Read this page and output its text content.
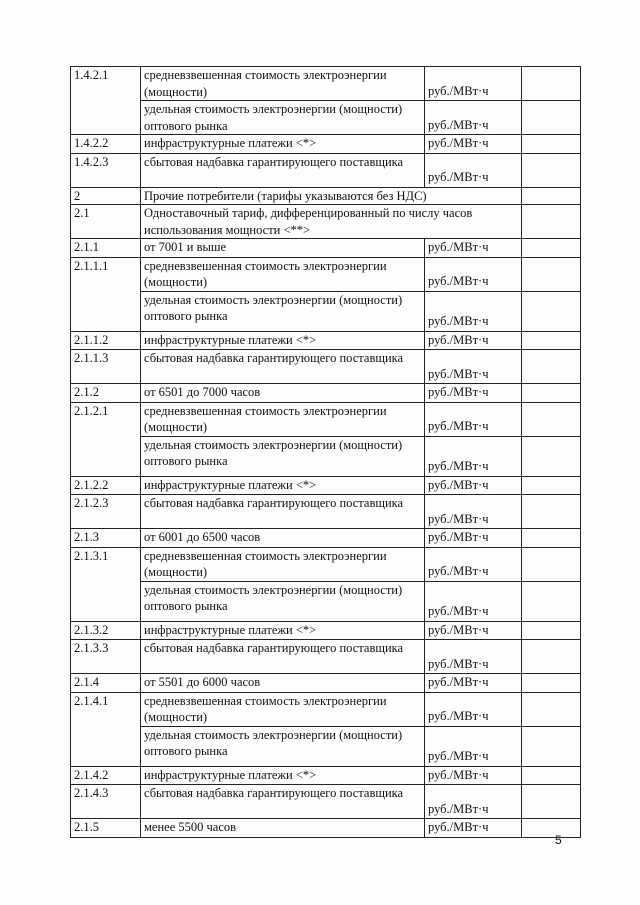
1.4.2.1	средневзвешенная стоимость электроэнергии (мощности)	руб./МВт·ч	
	удельная стоимость электроэнергии (мощности) оптового рынка	руб./МВт·ч	
1.4.2.2	инфраструктурные платежи <*>	руб./МВт·ч	
1.4.2.3	сбытовая надбавка гарантирующего поставщика	руб./МВт·ч	
2	Прочие потребители (тарифы указываются без НДС)		
2.1	Одноставочный тариф, дифференцированный по числу часов использования мощности <**>		
2.1.1	от 7001 и выше	руб./МВт·ч	
2.1.1.1	средневзвешенная стоимость электроэнергии (мощности)	руб./МВт·ч	
	удельная стоимость электроэнергии (мощности) оптового рынка	руб./МВт·ч	
2.1.1.2	инфраструктурные платежи <*>	руб./МВт·ч	
2.1.1.3	сбытовая надбавка гарантирующего поставщика	руб./МВт·ч	
2.1.2	от 6501 до 7000 часов	руб./МВт·ч	
2.1.2.1	средневзвешенная стоимость электроэнергии (мощности)	руб./МВт·ч	
	удельная стоимость электроэнергии (мощности) оптового рынка	руб./МВт·ч	
2.1.2.2	инфраструктурные платежи <*>	руб./МВт·ч	
2.1.2.3	сбытовая надбавка гарантирующего поставщика	руб./МВт·ч	
2.1.3	от 6001 до 6500 часов	руб./МВт·ч	
2.1.3.1	средневзвешенная стоимость электроэнергии (мощности)	руб./МВт·ч	
	удельная стоимость электроэнергии (мощности) оптового рынка	руб./МВт·ч	
2.1.3.2	инфраструктурные платежи <*>	руб./МВт·ч	
2.1.3.3	сбытовая надбавка гарантирующего поставщика	руб./МВт·ч	
2.1.4	от 5501 до 6000 часов	руб./МВт·ч	
2.1.4.1	средневзвешенная стоимость электроэнергии (мощности)	руб./МВт·ч	
	удельная стоимость электроэнергии (мощности) оптового рынка	руб./МВт·ч	
2.1.4.2	инфраструктурные платежи <*>	руб./МВт·ч	
2.1.4.3	сбытовая надбавка гарантирующего поставщика	руб./МВт·ч	
2.1.5	менее 5500 часов	руб./МВт·ч	
5
